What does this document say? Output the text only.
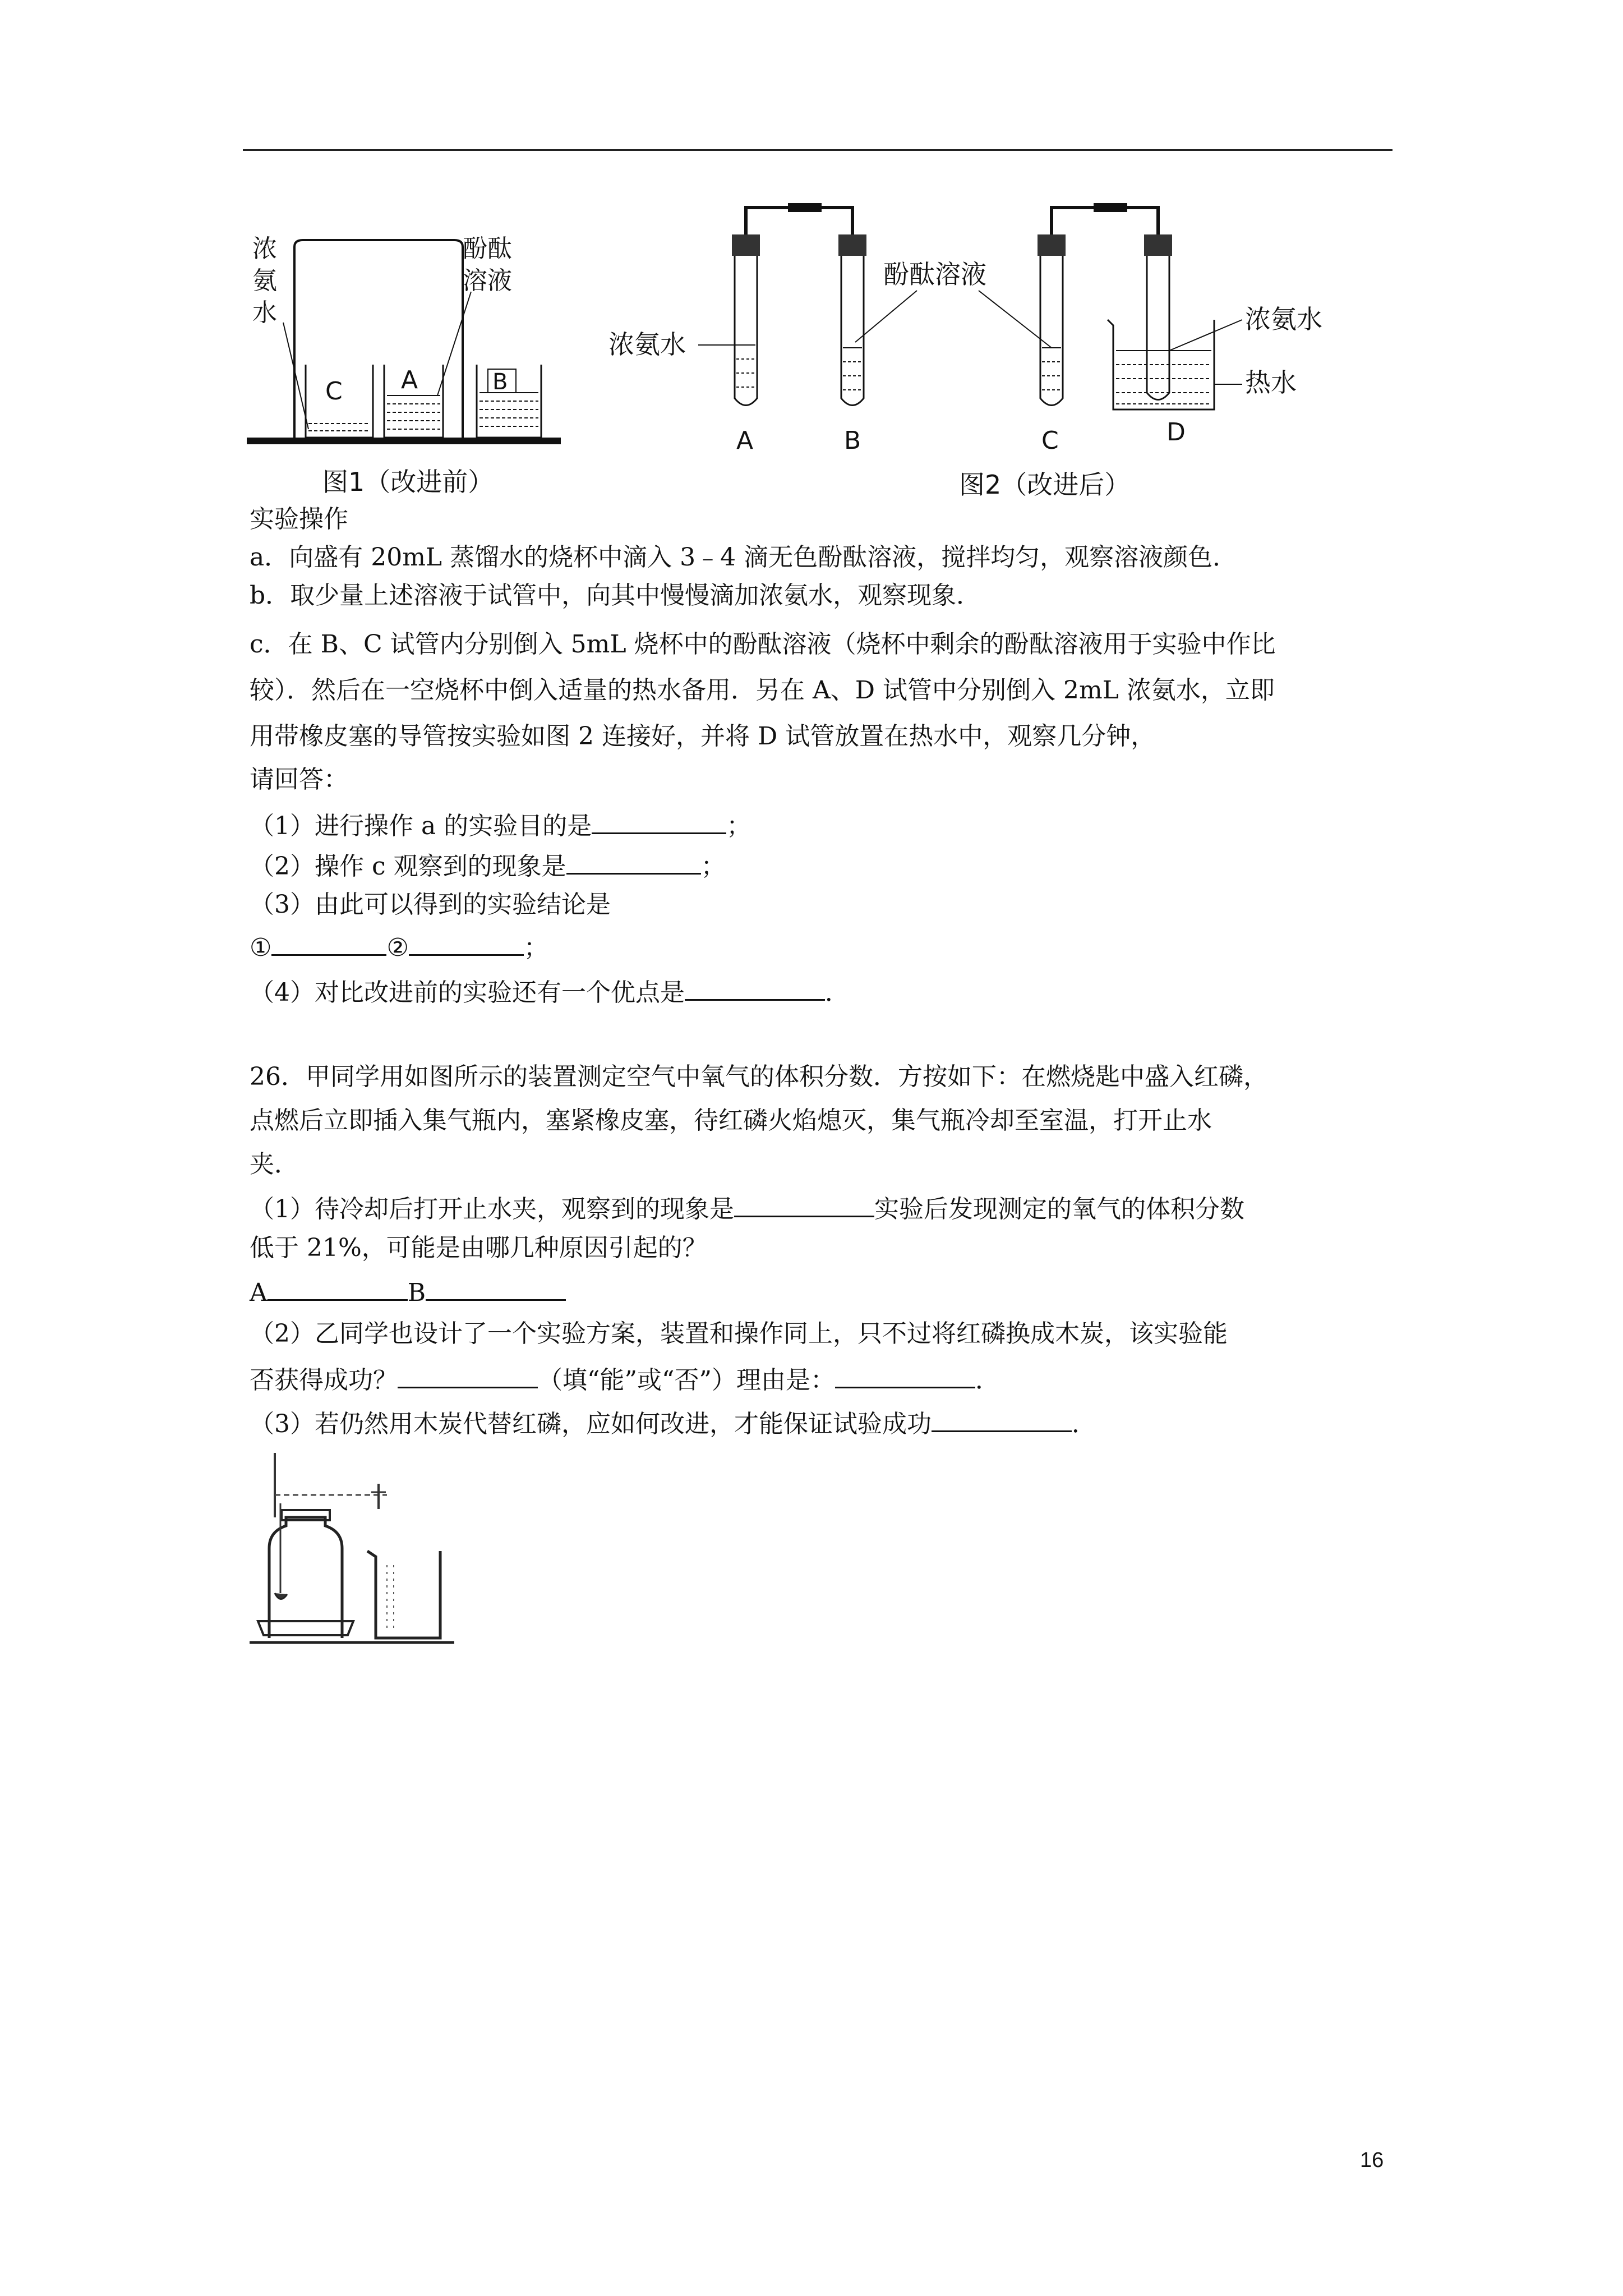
浓
氨
水
酚酞
溶液
C A	B
图1（改进前）
酚酞溶液
浓氨水
浓氨水
热水
A	B	C	D
图2（改进后）
实验操作
a．向盛有 20mL 蒸馏水的烧杯中滴入 3﹣4 滴无色酚酞溶液，搅拌均匀，观察溶液颜色．
b．取少量上述溶液于试管中，向其中慢慢滴加浓氨水，观察现象．
c．在 B、C 试管内分别倒入 5mL 烧杯中的酚酞溶液（烧杯中剩余的酚酞溶液用于实验中作比
较）．然后在一空烧杯中倒入适量的热水备用．另在 A、D 试管中分别倒入 2mL 浓氨水，立即
用带橡皮塞的导管按实验如图 2 连接好，并将 D 试管放置在热水中，观察几分钟，
请回答：
（1）进行操作 a 的实验目的是	；
（2）操作 c 观察到的现象是	；
（3）由此可以得到的实验结论是
①	②	；
（4）对比改进前的实验还有一个优点是	．
26．甲同学用如图所示的装置测定空气中氧气的体积分数．方按如下：在燃烧匙中盛入红磷，
点燃后立即插入集气瓶内，塞紧橡皮塞，待红磷火焰熄灭，集气瓶冷却至室温，打开止水
夹．
（1）待冷却后打开止水夹，观察到的现象是	实验后发现测定的氧气的体积分数
低于 21%，可能是由哪几种原因引起的？
A	B
（2）乙同学也设计了一个实验方案，装置和操作同上，只不过将红磷换成木炭，该实验能
否获得成功？	（填“能”或“否”）理由是：	．
（3）若仍然用木炭代替红磷，应如何改进，才能保证试验成功	．
16
